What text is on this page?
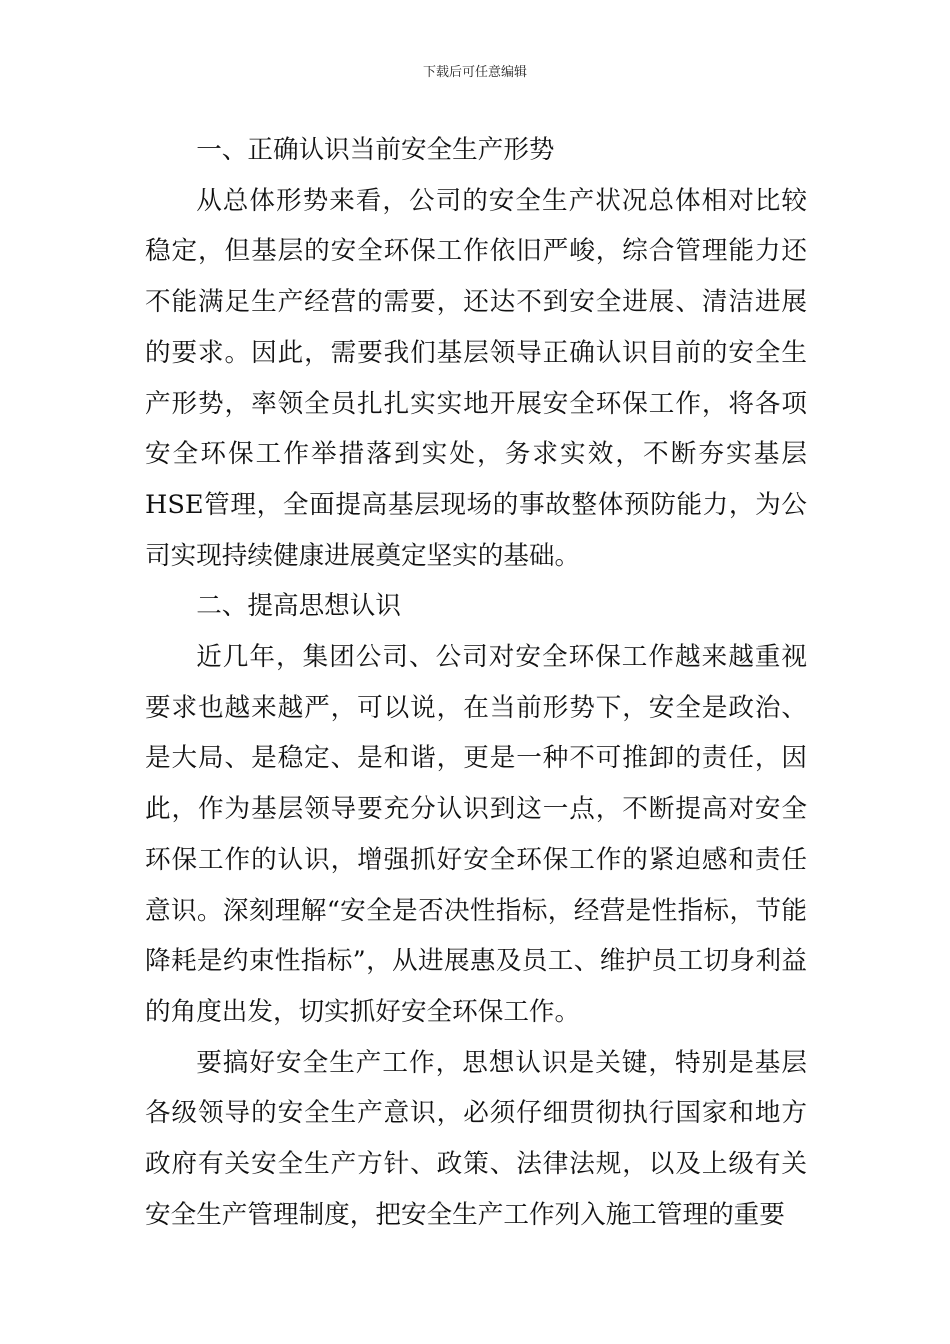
下载后可任意编辑

一、正确认识当前安全生产形势

从总体形势来看，公司的安全生产状况总体相对比较稳定，但基层的安全环保工作依旧严峻，综合管理能力还不能满足生产经营的需要，还达不到安全进展、清洁进展的要求。因此，需要我们基层领导正确认识目前的安全生产形势，率领全员扎扎实实地开展安全环保工作，将各项安全环保工作举措落到实处，务求实效，不断夯实基层HSE管理，全面提高基层现场的事故整体预防能力，为公司实现持续健康进展奠定坚实的基础。

二、提高思想认识

近几年，集团公司、公司对安全环保工作越来越重视要求也越来越严，可以说，在当前形势下，安全是政治、是大局、是稳定、是和谐，更是一种不可推卸的责任，因此，作为基层领导要充分认识到这一点，不断提高对安全环保工作的认识，增强抓好安全环保工作的紧迫感和责任意识。深刻理解“安全是否决性指标，经营是性指标，节能降耗是约束性指标”，从进展惠及员工、维护员工切身利益的角度出发，切实抓好安全环保工作。

要搞好安全生产工作，思想认识是关键，特别是基层各级领导的安全生产意识，必须仔细贯彻执行国家和地方政府有关安全生产方针、政策、法律法规，以及上级有关安全生产管理制度，把安全生产工作列入施工管理的重要
